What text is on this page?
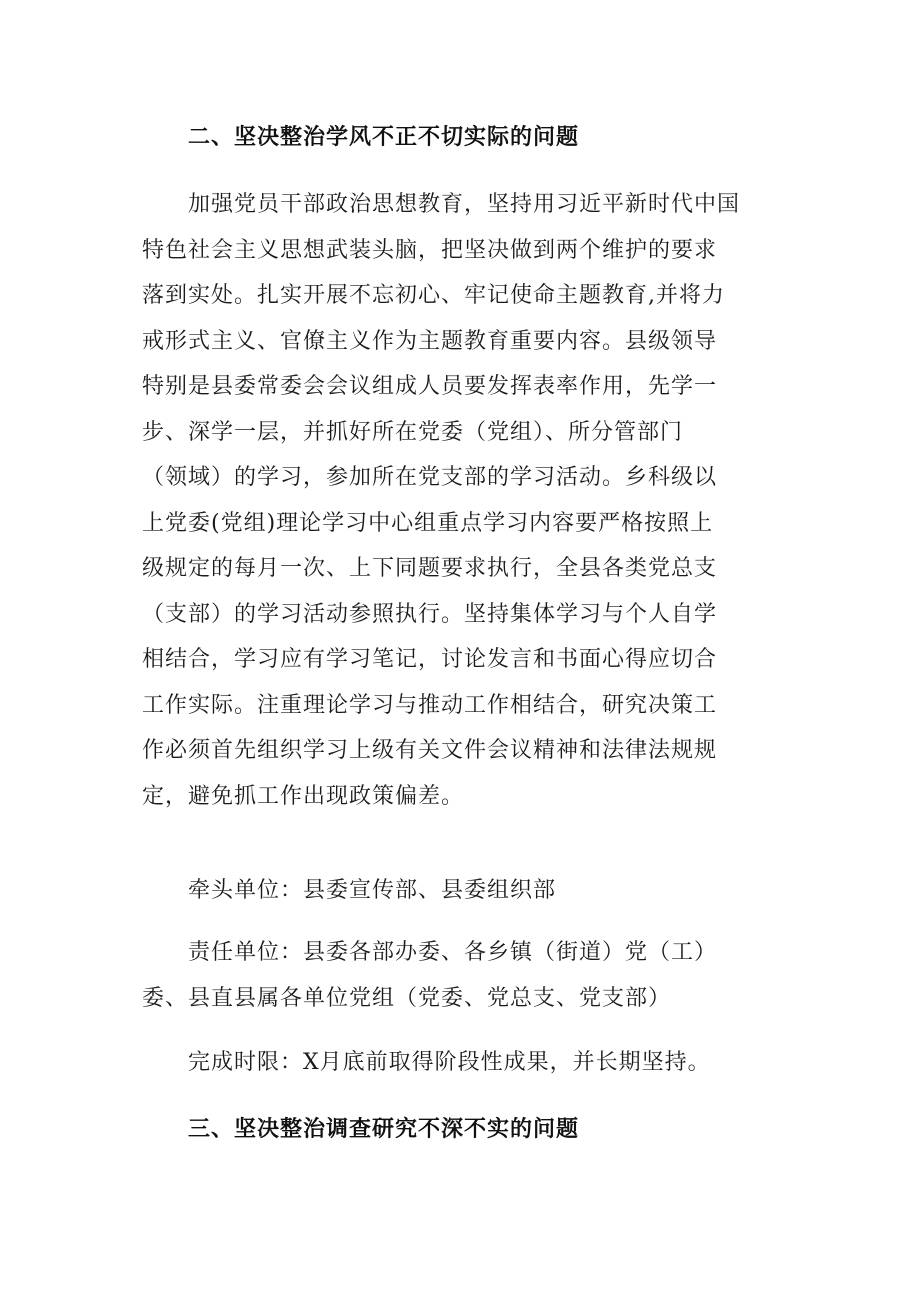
二、坚决整治学风不正不切实际的问题
加强党员干部政治思想教育，坚持用习近平新时代中国
特色社会主义思想武装头脑，把坚决做到两个维护的要求
落到实处。扎实开展不忘初心、牢记使命主题教育,并将力
戒形式主义、官僚主义作为主题教育重要内容。县级领导
特别是县委常委会会议组成人员要发挥表率作用，先学一
步、深学一层，并抓好所在党委（党组）、所分管部门
（领域）的学习，参加所在党支部的学习活动。乡科级以
上党委(党组)理论学习中心组重点学习内容要严格按照上
级规定的每月一次、上下同题要求执行，全县各类党总支
（支部）的学习活动参照执行。坚持集体学习与个人自学
相结合，学习应有学习笔记，讨论发言和书面心得应切合
工作实际。注重理论学习与推动工作相结合，研究决策工
作必须首先组织学习上级有关文件会议精神和法律法规规
定，避免抓工作出现政策偏差。
牵头单位：县委宣传部、县委组织部
责任单位：县委各部办委、各乡镇（街道）党（工）
委、县直县属各单位党组（党委、党总支、党支部）
完成时限：X月底前取得阶段性成果，并长期坚持。
三、坚决整治调查研究不深不实的问题
